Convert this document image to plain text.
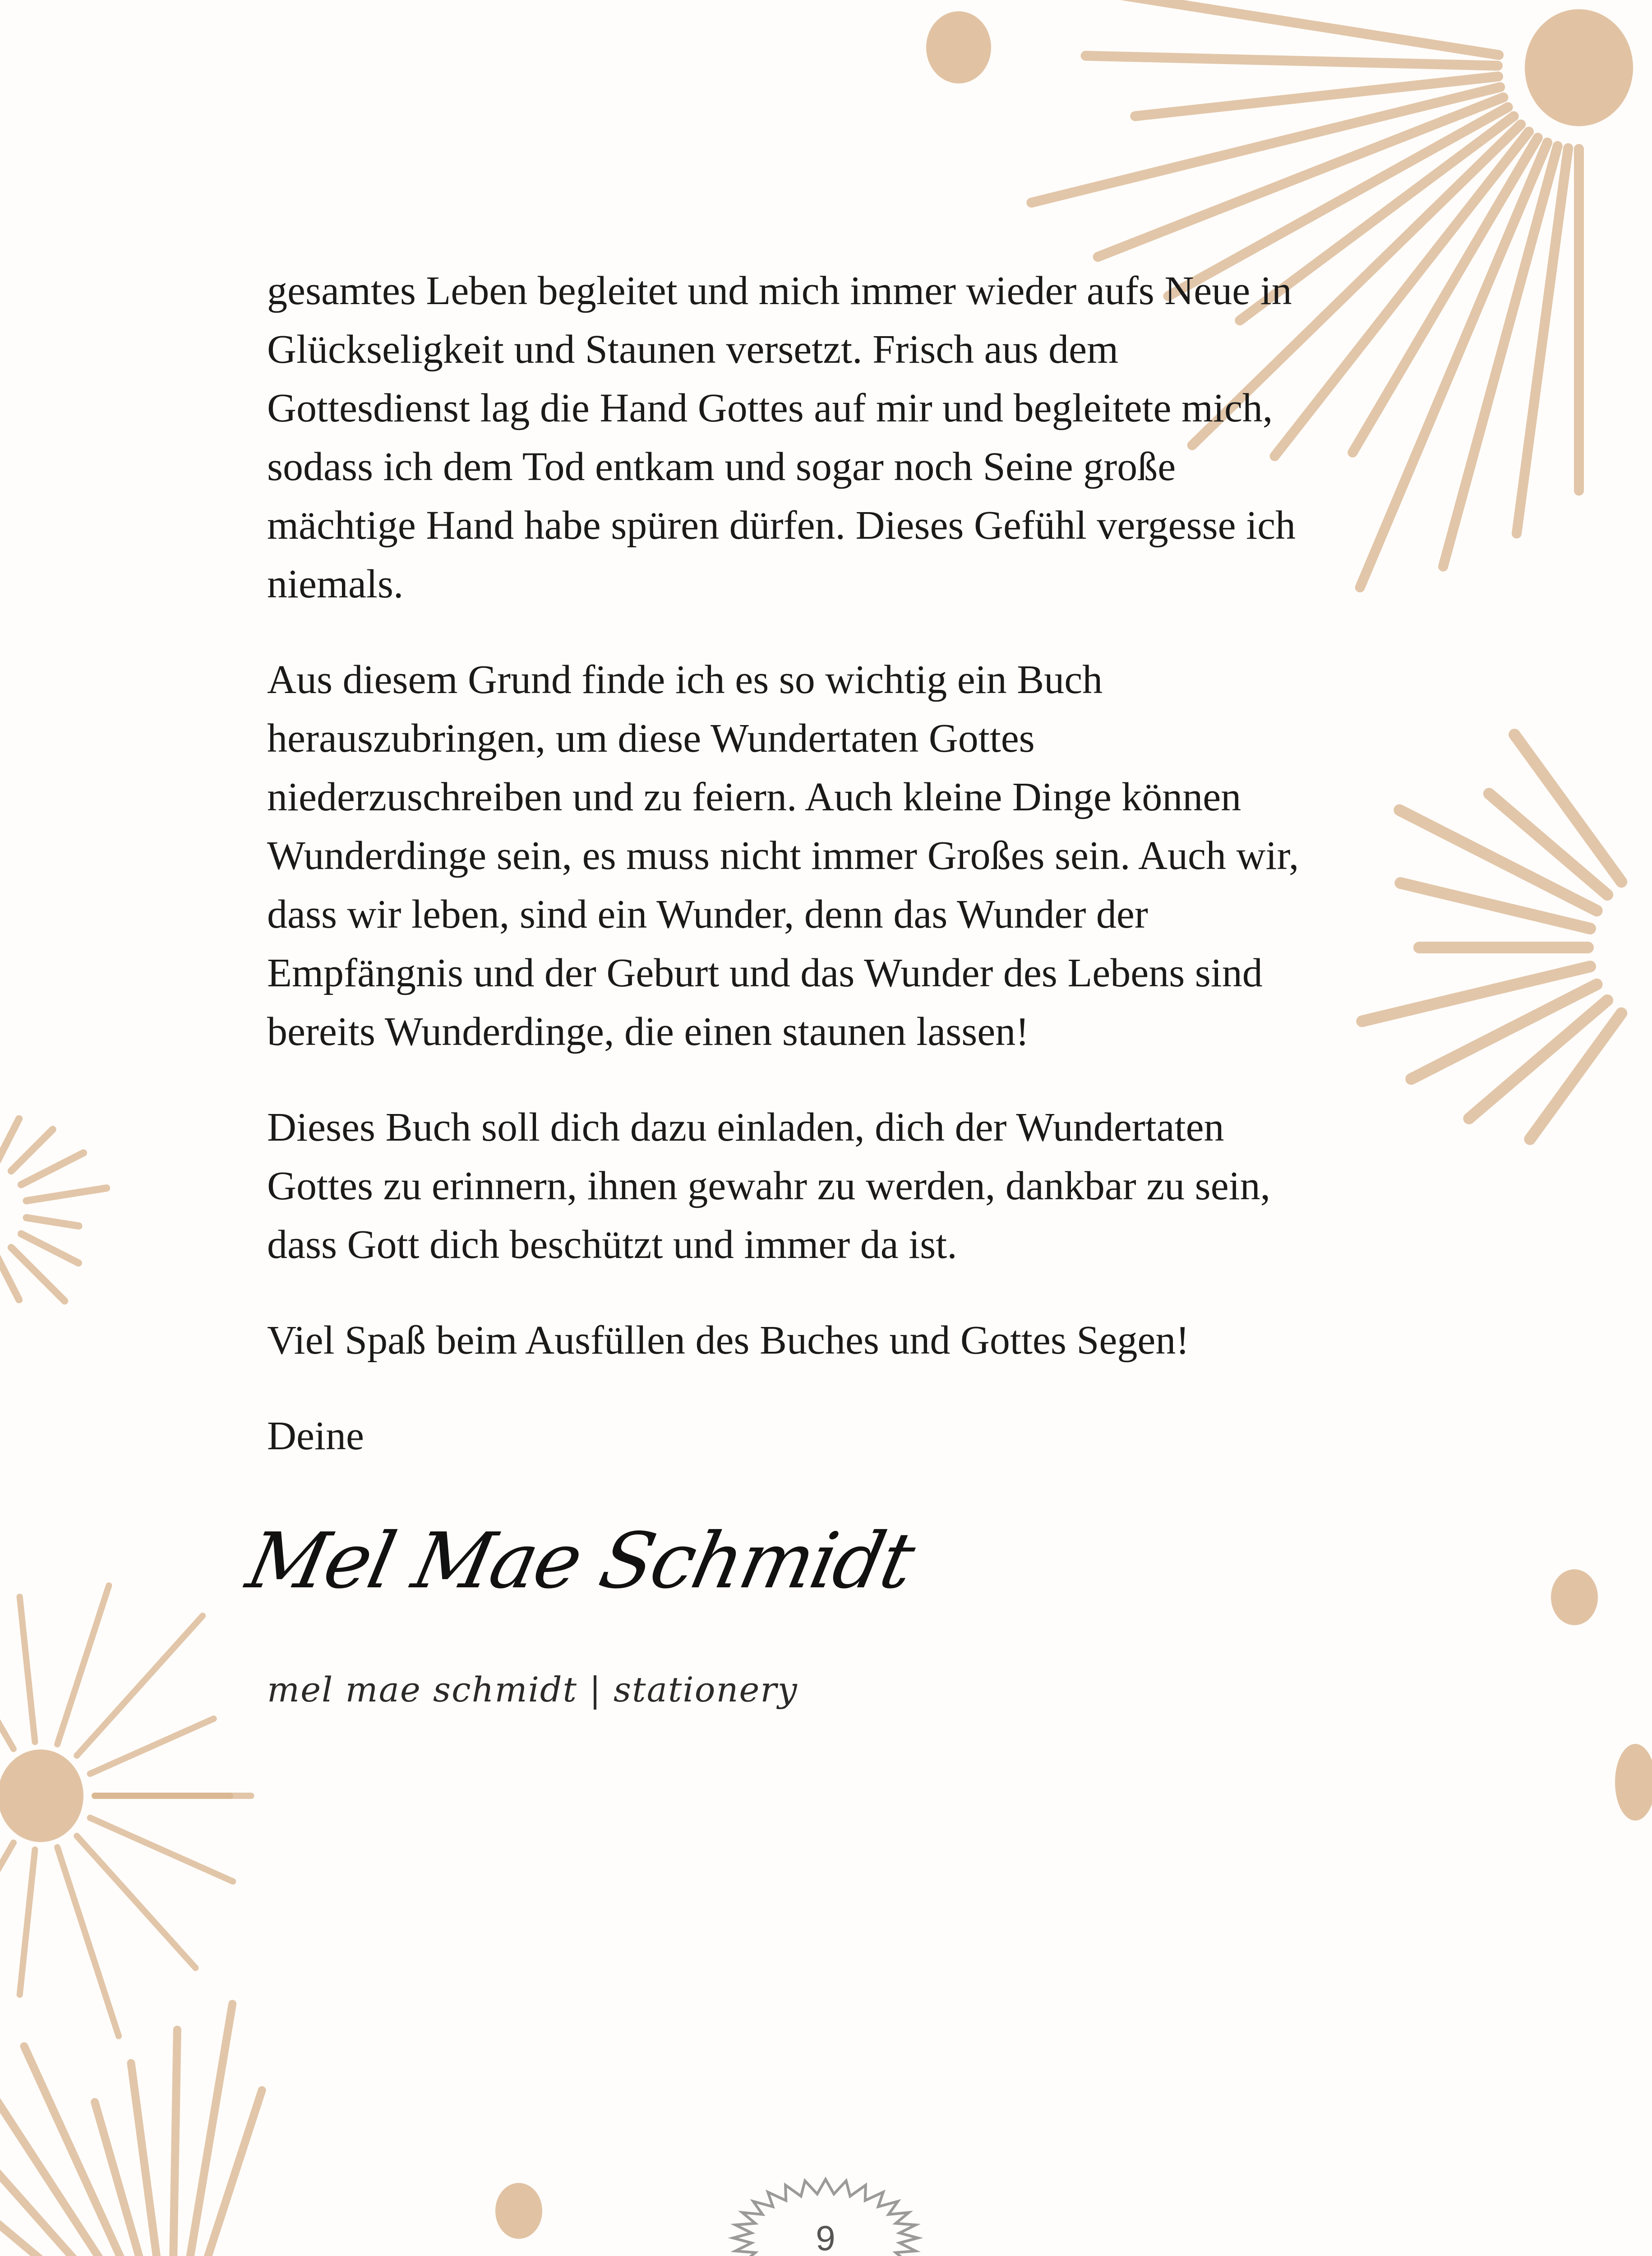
gesamtes Leben begleitet und mich immer wieder aufs Neue in
Glückseligkeit und Staunen versetzt. Frisch aus dem
Gottesdienst lag die Hand Gottes auf mir und begleitete mich,
sodass ich dem Tod entkam und sogar noch Seine große
mächtige Hand habe spüren dürfen. Dieses Gefühl vergesse ich
niemals.

Aus diesem Grund finde ich es so wichtig ein Buch
herauszubringen, um diese Wundertaten Gottes
niederzuschreiben und zu feiern. Auch kleine Dinge können
Wunderdinge sein, es muss nicht immer Großes sein. Auch wir,
dass wir leben, sind ein Wunder, denn das Wunder der
Empfängnis und der Geburt und das Wunder des Lebens sind
bereits Wunderdinge, die einen staunen lassen!

Dieses Buch soll dich dazu einladen, dich der Wundertaten
Gottes zu erinnern, ihnen gewahr zu werden, dankbar zu sein,
dass Gott dich beschützt und immer da ist.

Viel Spaß beim Ausfüllen des Buches und Gottes Segen!

Deine

Mel Mae Schmidt
mel mae schmidt | stationery
9
